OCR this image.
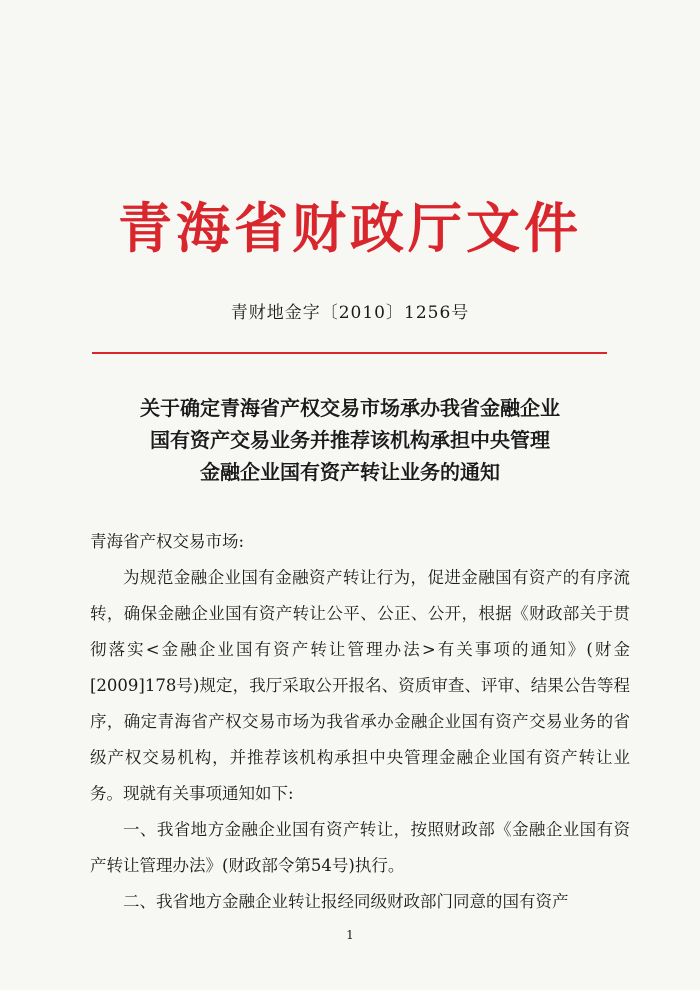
青海省财政厅文件
青财地金字〔2010〕1256号
关于确定青海省产权交易市场承办我省金融企业
国有资产交易业务并推荐该机构承担中央管理
金融企业国有资产转让业务的通知

青海省产权交易市场:

为规范金融企业国有金融资产转让行为，促进金融国有资产的有序流转，确保金融企业国有资产转让公平、公正、公开，根据《财政部关于贯彻落实<金融企业国有资产转让管理办法>有关事项的通知》(财金[2009]178号)规定，我厅采取公开报名、资质审查、评审、结果公告等程序，确定青海省产权交易市场为我省承办金融企业国有资产交易业务的省级产权交易机构，并推荐该机构承担中央管理金融企业国有资产转让业务。现就有关事项通知如下:

一、我省地方金融企业国有资产转让，按照财政部《金融企业国有资产转让管理办法》(财政部令第54号)执行。

二、我省地方金融企业转让报经同级财政部门同意的国有资产

1
